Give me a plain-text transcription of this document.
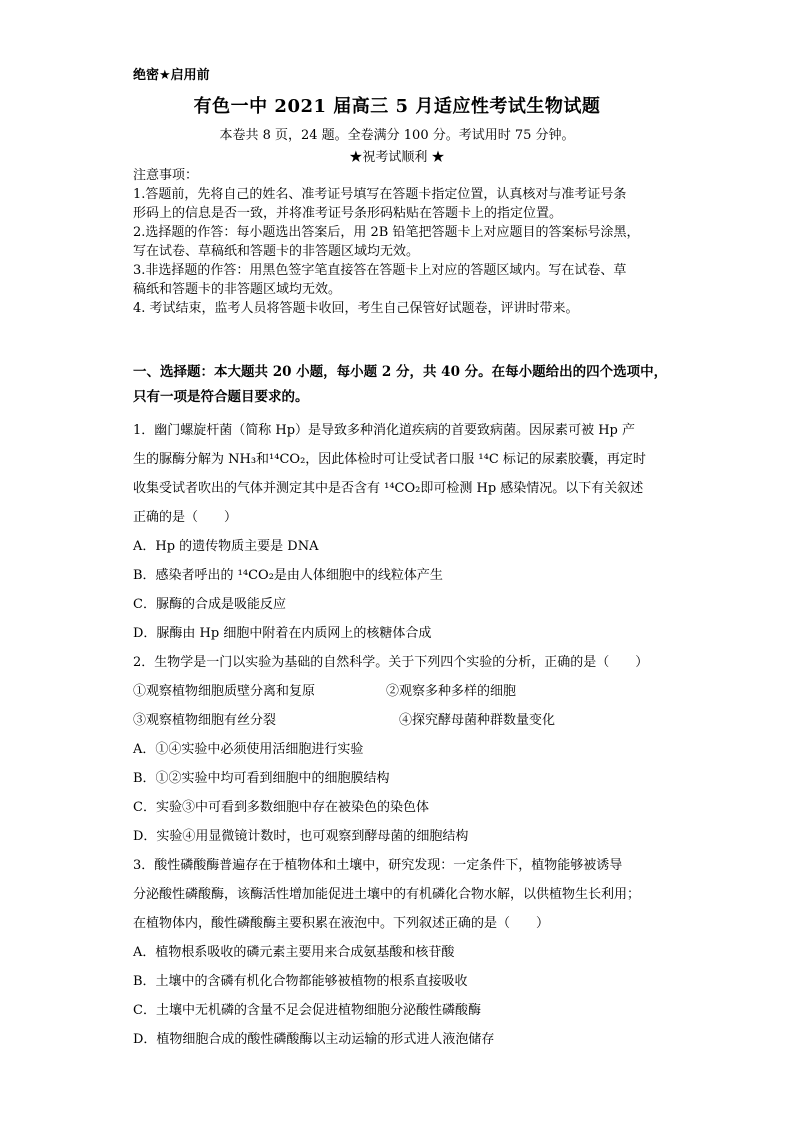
绝密★启用前
有色一中 2021 届高三 5 月适应性考试生物试题
本卷共 8 页，24 题。全卷满分 100 分。考试用时 75 分钟。
★祝考试顺利 ★
注意事项：
1.答题前，先将自己的姓名、准考证号填写在答题卡指定位置，认真核对与准考证号条
形码上的信息是否一致，并将准考证号条形码粘贴在答题卡上的指定位置。
2.选择题的作答：每小题选出答案后，用 2B 铅笔把答题卡上对应题目的答案标号涂黑，
写在试卷、草稿纸和答题卡的非答题区域均无效。
3.非选择题的作答：用黑色签字笔直接答在答题卡上对应的答题区域内。写在试卷、草
稿纸和答题卡的非答题区域均无效。
4. 考试结束，监考人员将答题卡收回，考生自己保管好试题卷，评讲时带来。
一、选择题：本大题共 20 小题，每小题 2 分，共 40 分。在每小题给出的四个选项中，
只有一项是符合题目要求的。
1．幽门螺旋杆菌（简称 Hp）是导致多种消化道疾病的首要致病菌。因尿素可被 Hp 产
生的脲酶分解为 NH₃和¹⁴CO₂，因此体检时可让受试者口服 ¹⁴C 标记的尿素胶囊，再定时
收集受试者吹出的气体并测定其中是否含有 ¹⁴CO₂即可检测 Hp 感染情况。以下有关叙述
正确的是（　　）
A．Hp 的遗传物质主要是 DNA
B．感染者呼出的 ¹⁴CO₂是由人体细胞中的线粒体产生
C．脲酶的合成是吸能反应
D．脲酶由 Hp 细胞中附着在内质网上的核糖体合成
2．生物学是一门以实验为基础的自然科学。关于下列四个实验的分析，正确的是（　　）
①观察植物细胞质壁分离和复原	②观察多种多样的细胞
③观察植物细胞有丝分裂	④探究酵母菌种群数量变化
A．①④实验中必须使用活细胞进行实验
B．①②实验中均可看到细胞中的细胞膜结构
C．实验③中可看到多数细胞中存在被染色的染色体
D．实验④用显微镜计数时，也可观察到酵母菌的细胞结构
3．酸性磷酸酶普遍存在于植物体和土壤中，研究发现：一定条件下，植物能够被诱导
分泌酸性磷酸酶，该酶活性增加能促进土壤中的有机磷化合物水解，以供植物生长利用；
在植物体内，酸性磷酸酶主要积累在液泡中。下列叙述正确的是（　　）
A．植物根系吸收的磷元素主要用来合成氨基酸和核苷酸
B．土壤中的含磷有机化合物都能够被植物的根系直接吸收
C．土壤中无机磷的含量不足会促进植物细胞分泌酸性磷酸酶
D．植物细胞合成的酸性磷酸酶以主动运输的形式进人液泡储存
